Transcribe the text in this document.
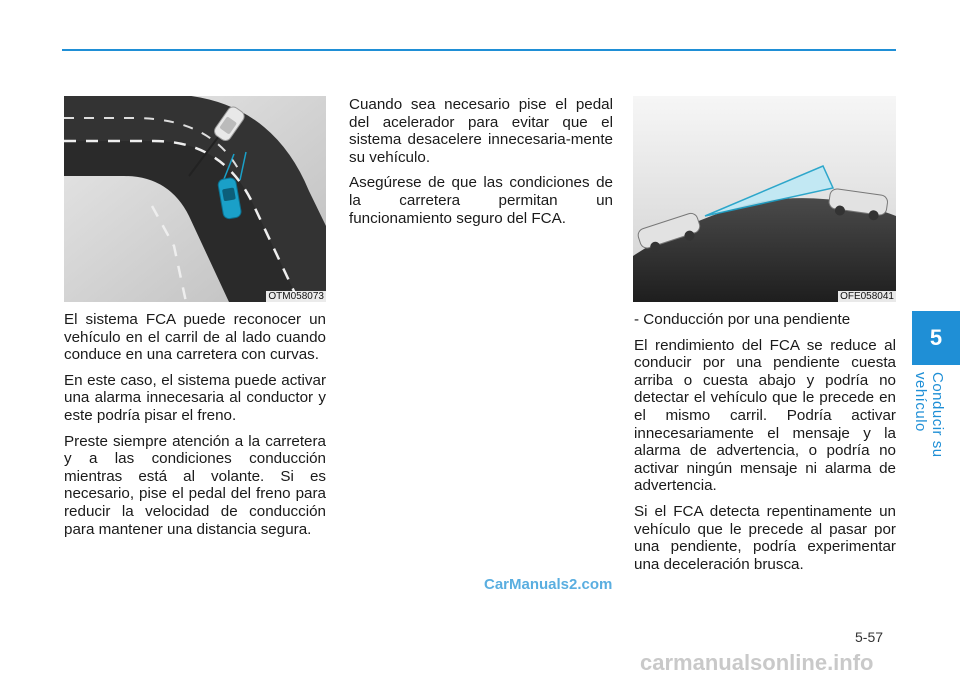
5
Conducir su vehículo
OTM058073	OFE058041

El sistema FCA puede reconocer un vehículo en el carril de al lado cuando conduce en una carretera con curvas.

En este caso, el sistema puede activar una alarma innecesaria al conductor y este podría pisar el freno.

Preste siempre atención a la carretera y a las condiciones conducción mientras está al volante. Si es necesario, pise el pedal del freno para reducir la velocidad de conducción para mantener una distancia segura.

Cuando sea necesario pise el pedal del acelerador para evitar que el sistema desacelere innecesaria-mente su vehículo.

Asegúrese de que las condiciones de la carretera permitan un funcionamiento seguro del FCA.

- Conducción por una pendiente

El rendimiento del FCA se reduce al conducir por una pendiente cuesta arriba o cuesta abajo y podría no detectar el vehículo que le precede en el mismo carril. Podría activar innecesariamente el mensaje y la alarma de advertencia, o podría no activar ningún mensaje ni alarma de advertencia.

Si el FCA detecta repentinamente un vehículo que le precede al pasar por una pendiente, podría experimentar una deceleración brusca.

CarManuals2.com
5-57
carmanualsonline.info
